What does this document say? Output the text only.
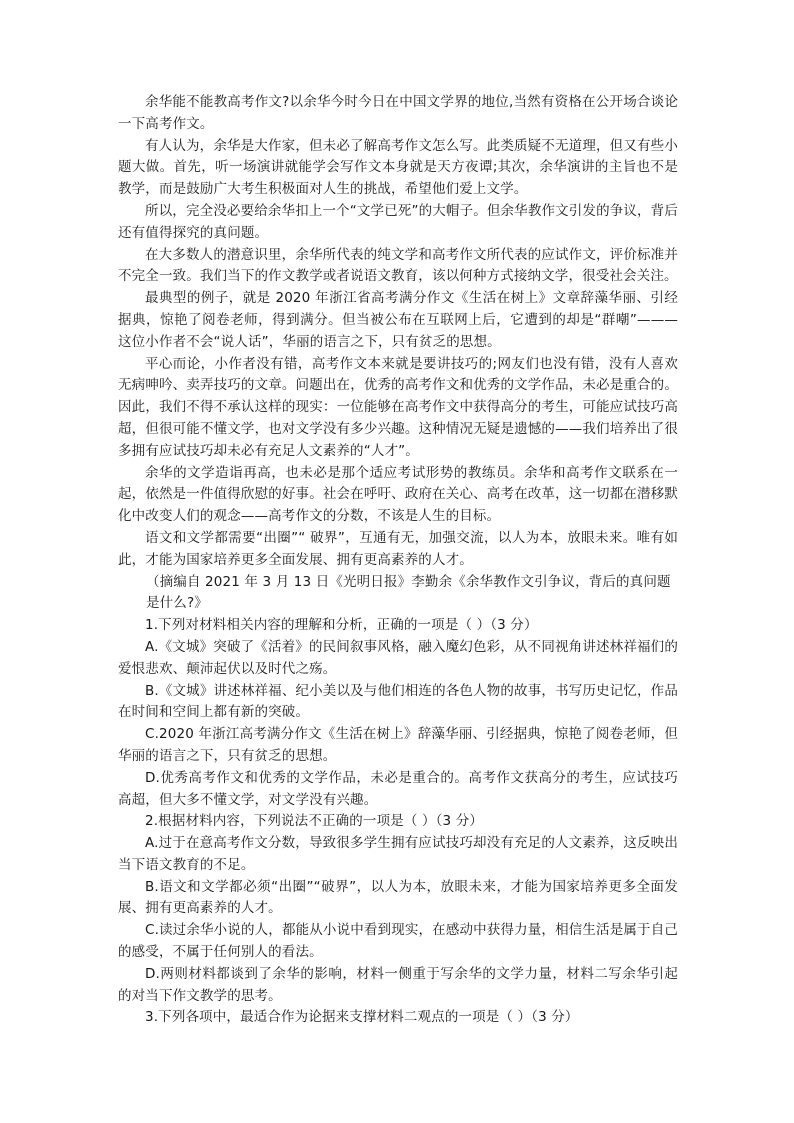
余华能不能教高考作文?以余华今时今日在中国文学界的地位,当然有资格在公开场合谈论一下高考作文。

有人认为，余华是大作家，但未必了解高考作文怎么写。此类质疑不无道理，但又有些小题大做。首先，听一场演讲就能学会写作文本身就是天方夜谭;其次，余华演讲的主旨也不是教学，而是鼓励广大考生积极面对人生的挑战，希望他们爱上文学。

所以，完全没必要给余华扣上一个“文学已死”的大帽子。但余华教作文引发的争议，背后还有值得探究的真问题。

在大多数人的潜意识里，余华所代表的纯文学和高考作文所代表的应试作文，评价标准并不完全一致。我们当下的作文教学或者说语文教育，该以何种方式接纳文学，很受社会关注。

最典型的例子，就是 2020 年浙江省高考满分作文《生活在树上》文章辞藻华丽、引经据典，惊艳了阅卷老师，得到满分。但当被公布在互联网上后，它遭到的却是“群嘲”———这位小作者不会“说人话”，华丽的语言之下，只有贫乏的思想。

平心而论，小作者没有错，高考作文本来就是要讲技巧的;网友们也没有错，没有人喜欢无病呻吟、卖弄技巧的文章。问题出在，优秀的高考作文和优秀的文学作品，未必是重合的。因此，我们不得不承认这样的现实：一位能够在高考作文中获得高分的考生，可能应试技巧高超，但很可能不懂文学，也对文学没有多少兴趣。这种情况无疑是遗憾的——我们培养出了很多拥有应试技巧却未必有充足人文素养的“人才”。

余华的文学造诣再高，也未必是那个适应考试形势的教练员。余华和高考作文联系在一起，依然是一件值得欣慰的好事。社会在呼吁、政府在关心、高考在改革，这一切都在潜移默化中改变人们的观念——高考作文的分数，不该是人生的目标。

语文和文学都需要“出圈”“ 破界”，互通有无，加强交流，以人为本，放眼未来。唯有如此，才能为国家培养更多全面发展、拥有更高素养的人才。

（摘编自 2021 年 3 月 13 日《光明日报》李勤余《余华教作文引争议，背后的真问题是什么?》

1.下列对材料相关内容的理解和分析，正确的一项是（ ）（3 分）

A.《文城》突破了《活着》的民间叙事风格，融入魔幻色彩，从不同视角讲述林祥福们的爱恨悲欢、颠沛起伏以及时代之殇。

B.《文城》讲述林祥福、纪小美以及与他们相连的各色人物的故事，书写历史记忆，作品在时间和空间上都有新的突破。

C.2020 年浙江高考满分作文《生活在树上》辞藻华丽、引经据典，惊艳了阅卷老师，但华丽的语言之下，只有贫乏的思想。

D.优秀高考作文和优秀的文学作品，未必是重合的。高考作文获高分的考生，应试技巧高超，但大多不懂文学，对文学没有兴趣。

2.根据材料内容，下列说法不正确的一项是（ ）（3 分）

A.过于在意高考作文分数，导致很多学生拥有应试技巧却没有充足的人文素养，这反映出当下语文教育的不足。

B.语文和文学都必须“出圈”“破界”，以人为本，放眼未来，才能为国家培养更多全面发展、拥有更高素养的人才。

C.读过余华小说的人，都能从小说中看到现实，在感动中获得力量，相信生活是属于自己的感受，不属于任何别人的看法。

D.两则材料都谈到了余华的影响，材料一侧重于写余华的文学力量，材料二写余华引起的对当下作文教学的思考。

3.下列各项中，最适合作为论据来支撑材料二观点的一项是（ ）（3 分）
